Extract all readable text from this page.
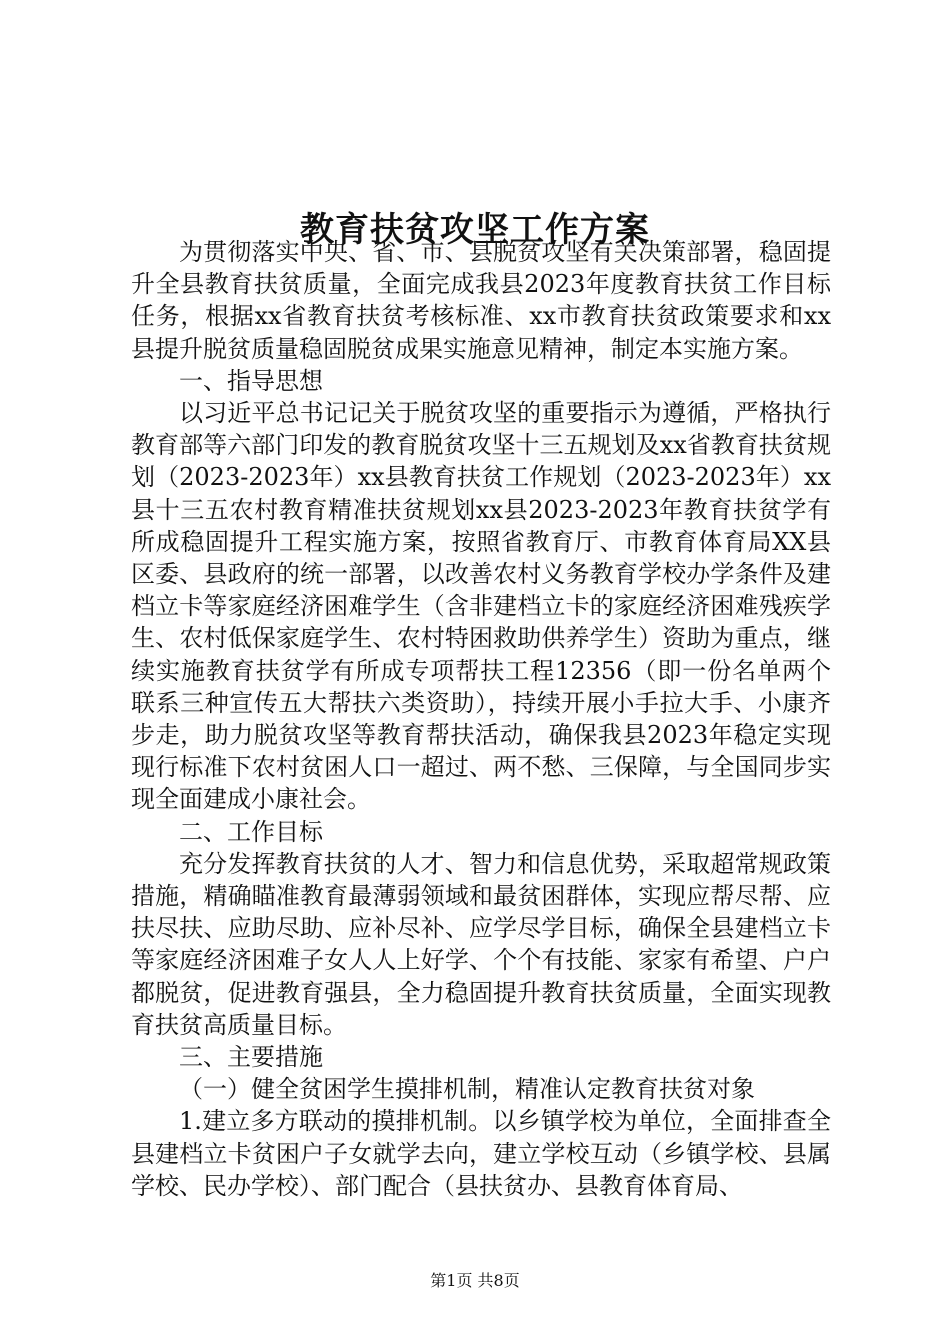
教育扶贫攻坚工作方案

为贯彻落实中央、省、市、县脱贫攻坚有关决策部署，稳固提升全县教育扶贫质量，全面完成我县2023年度教育扶贫工作目标任务，根据xx省教育扶贫考核标准、xx市教育扶贫政策要求和xx县提升脱贫质量稳固脱贫成果实施意见精神，制定本实施方案。

一、指导思想

以习近平总书记记关于脱贫攻坚的重要指示为遵循，严格执行教育部等六部门印发的教育脱贫攻坚十三五规划及xx省教育扶贫规划（2023-2023年）xx县教育扶贫工作规划（2023-2023年）xx县十三五农村教育精准扶贫规划xx县2023-2023年教育扶贫学有所成稳固提升工程实施方案，按照省教育厅、市教育体育局XX县区委、县政府的统一部署，以改善农村义务教育学校办学条件及建档立卡等家庭经济困难学生（含非建档立卡的家庭经济困难残疾学生、农村低保家庭学生、农村特困救助供养学生）资助为重点，继续实施教育扶贫学有所成专项帮扶工程12356（即一份名单两个联系三种宣传五大帮扶六类资助），持续开展小手拉大手、小康齐步走，助力脱贫攻坚等教育帮扶活动，确保我县2023年稳定实现现行标准下农村贫困人口一超过、两不愁、三保障，与全国同步实现全面建成小康社会。

二、工作目标

充分发挥教育扶贫的人才、智力和信息优势，采取超常规政策措施，精确瞄准教育最薄弱领域和最贫困群体，实现应帮尽帮、应扶尽扶、应助尽助、应补尽补、应学尽学目标，确保全县建档立卡等家庭经济困难子女人人上好学、个个有技能、家家有希望、户户都脱贫，促进教育强县，全力稳固提升教育扶贫质量，全面实现教育扶贫高质量目标。

三、主要措施

（一）健全贫困学生摸排机制，精准认定教育扶贫对象

1.建立多方联动的摸排机制。以乡镇学校为单位，全面排查全县建档立卡贫困户子女就学去向，建立学校互动（乡镇学校、县属学校、民办学校）、部门配合（县扶贫办、县教育体育局、

第1页 共8页
